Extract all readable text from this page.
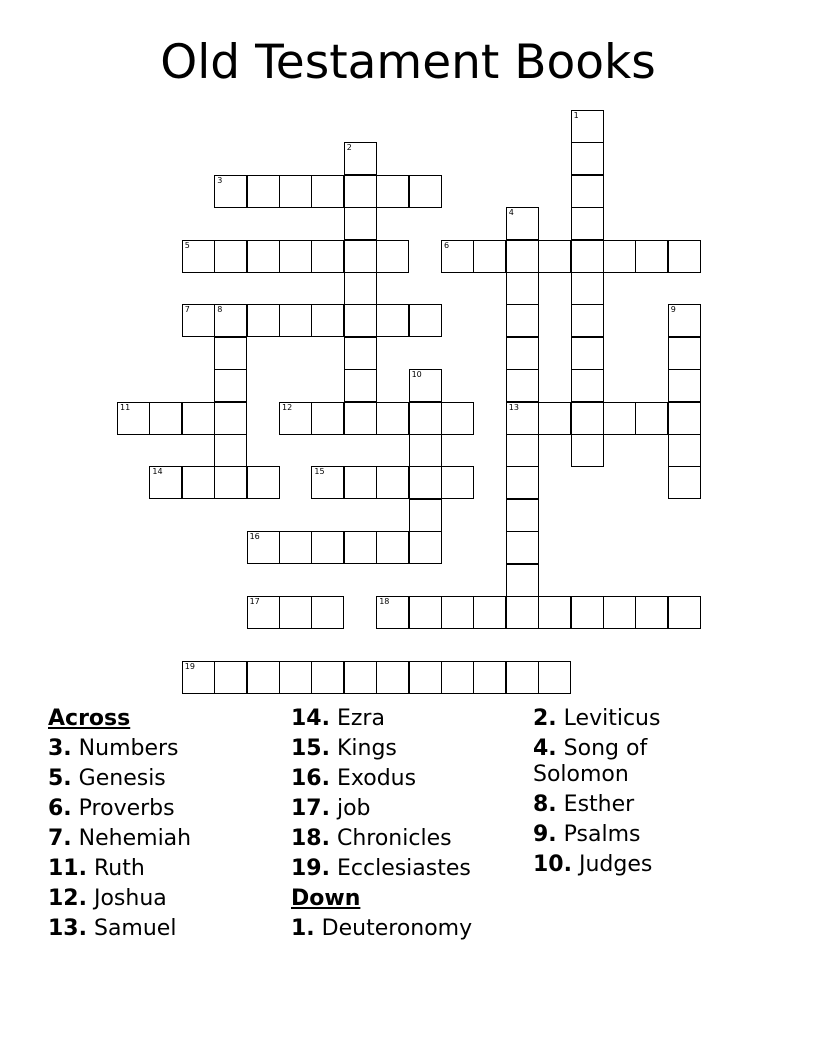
Old Testament Books
3
5	6
7	8
11	12	13
14	15
16
17	18
19
1
2
4
9
10
Across
3. Numbers
5. Genesis
6. Proverbs
7. Nehemiah
11. Ruth
12. Joshua
13. Samuel
14. Ezra
15. Kings
16. Exodus
17. job
18. Chronicles
19. Ecclesiastes
Down
1. Deuteronomy
2. Leviticus
4. Song of Solomon
8. Esther
9. Psalms
10. Judges
